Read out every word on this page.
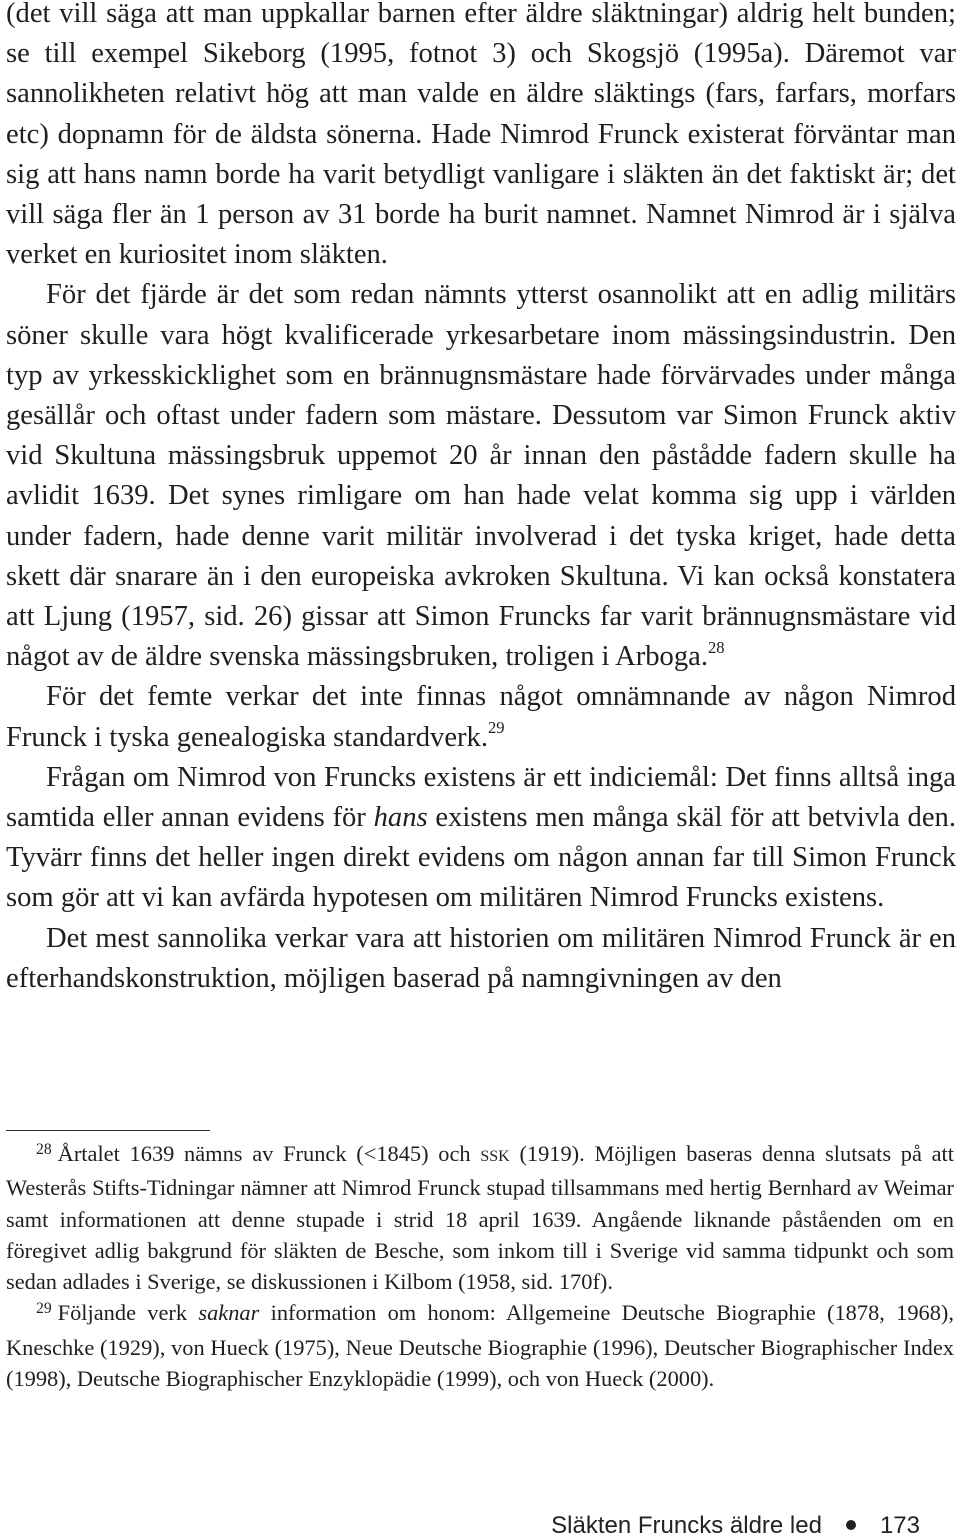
(det vill säga att man uppkallar barnen efter äldre släktningar) aldrig helt bunden; se till exempel Sikeborg (1995, fotnot 3) och Skogsjö (1995a). Däremot var sannolikheten relativt hög att man valde en äldre släktings (fars, farfars, morfars etc) dopnamn för de äldsta sönerna. Hade Nimrod Frunck existerat förväntar man sig att hans namn borde ha varit betydligt vanligare i släkten än det faktiskt är; det vill säga fler än 1 person av 31 borde ha burit namnet. Namnet Nimrod är i själva verket en kuriositet inom släkten.

För det fjärde är det som redan nämnts ytterst osannolikt att en adlig militärs söner skulle vara högt kvalificerade yrkesarbetare inom mässingsindustrin. Den typ av yrkesskicklighet som en brännugnsmästare hade förvärvades under många gesällår och oftast under fadern som mästare. Dessutom var Simon Frunck aktiv vid Skultuna mässingsbruk uppemot 20 år innan den påstådde fadern skulle ha avlidit 1639. Det synes rimligare om han hade velat komma sig upp i världen under fadern, hade denne varit militär involverad i det tyska kriget, hade detta skett där snarare än i den europeiska avkroken Skultuna. Vi kan också konstatera att Ljung (1957, sid. 26) gissar att Simon Fruncks far varit brännugnsmästare vid något av de äldre svenska mässingsbruken, troligen i Arboga.$^{28}$

För det femte verkar det inte finnas något omnämnande av någon Nimrod Frunck i tyska genealogiska standardverk.$^{29}$

Frågan om Nimrod von Fruncks existens är ett indiciemål: Det finns alltså inga samtida eller annan evidens för hans existens men många skäl för att betvivla den. Tyvärr finns det heller ingen direkt evidens om någon annan far till Simon Frunck som gör att vi kan avfärda hypotesen om militären Nimrod Fruncks existens.

Det mest sannolika verkar vara att historien om militären Nimrod Frunck är en efterhandskonstruktion, möjligen baserad på namngivningen av den

$^{28}$ Årtalet 1639 nämns av Frunck (<1845) och ssk (1919). Möjligen baseras denna slutsats på att Westerås Stifts-Tidningar nämner att Nimrod Frunck stupad tillsammans med hertig Bernhard av Weimar samt informationen att denne stupade i strid 18 april 1639. Angående liknande påståenden om en föregivet adlig bakgrund för släkten de Besche, som inkom till i Sverige vid samma tidpunkt och som sedan adlades i Sverige, se diskussionen i Kilbom (1958, sid. 170f).

$^{29}$ Följande verk saknar information om honom: Allgemeine Deutsche Biographie (1878, 1968), Kneschke (1929), von Hueck (1975), Neue Deutsche Biographie (1996), Deutscher Biographischer Index (1998), Deutsche Biographischer Enzyklopädie (1999), och von Hueck (2000).

Släkten Fruncks äldre led 173
